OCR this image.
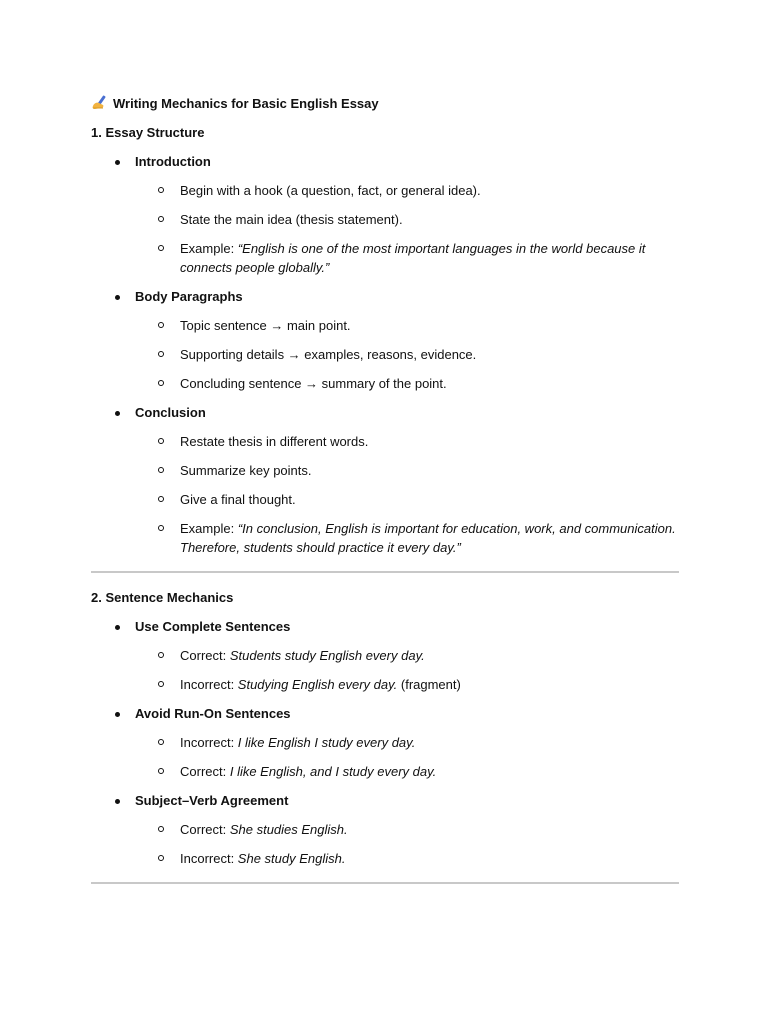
Writing Mechanics for Basic English Essay
1. Essay Structure
Introduction
Begin with a hook (a question, fact, or general idea).
State the main idea (thesis statement).
Example: “English is one of the most important languages in the world because it connects people globally.”
Body Paragraphs
Topic sentence → main point.
Supporting details → examples, reasons, evidence.
Concluding sentence → summary of the point.
Conclusion
Restate thesis in different words.
Summarize key points.
Give a final thought.
Example: “In conclusion, English is important for education, work, and communication. Therefore, students should practice it every day.”
2. Sentence Mechanics
Use Complete Sentences
Correct: Students study English every day.
Incorrect: Studying English every day. (fragment)
Avoid Run-On Sentences
Incorrect: I like English I study every day.
Correct: I like English, and I study every day.
Subject–Verb Agreement
Correct: She studies English.
Incorrect: She study English.
